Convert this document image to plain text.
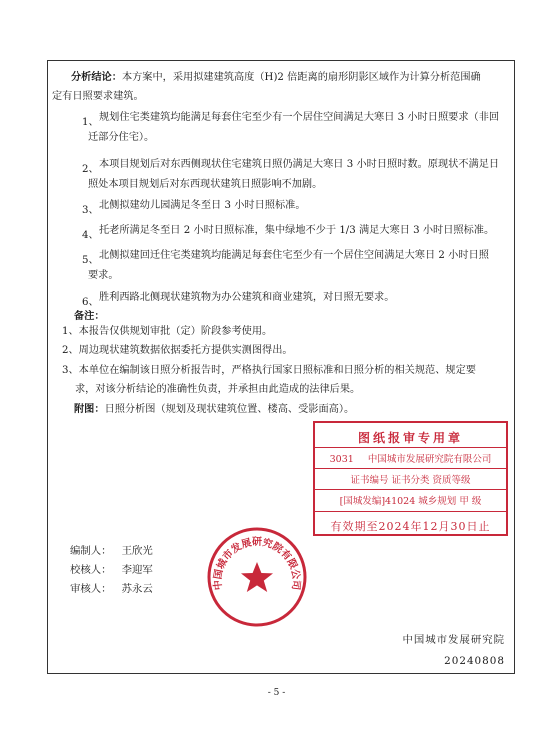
分析结论：本方案中，采用拟建建筑高度（H)2 倍距离的扇形阴影区域作为计算分析范围确
定有日照要求建筑。
1、 规划住宅类建筑均能满足每套住宅至少有一个居住空间满足大寒日 3 小时日照要求（非回
迁部分住宅）。
2、 本项目规划后对东西侧现状住宅建筑日照仍满足大寒日 3 小时日照时数。原现状不满足日
照处本项目规划后对东西现状建筑日照影响不加剧。
3、 北侧拟建幼儿园满足冬至日 3 小时日照标准。
4、 托老所满足冬至日 2 小时日照标准，集中绿地不少于 1/3 满足大寒日 3 小时日照标准。
5、 北侧拟建回迁住宅类建筑均能满足每套住宅至少有一个居住空间满足大寒日 2 小时日照
要求。
6、 胜利西路北侧现状建筑物为办公建筑和商业建筑，对日照无要求。
备注：
1、本报告仅供规划审批（定）阶段参考使用。
2、周边现状建筑数据依据委托方提供实测图得出。
3、本单位在编制该日照分析报告时，严格执行国家日照标准和日照分析的相关规范、规定要
求，对该分析结论的准确性负责，并承担由此造成的法律后果。
附图：日照分析图（规划及现状建筑位置、楼高、受影面高）。
图纸报审专用章
3031 中国城市发展研究院有限公司
证书编号 证书分类 资质等级
[国城发编]41024 城乡规划 甲 级
有效期至2024年12月30日止
中国城市发展研究院有限公司
编制人： 王欣光
校核人： 李迎军
审核人： 苏永云
中国城市发展研究院
20240808
- 5 -
